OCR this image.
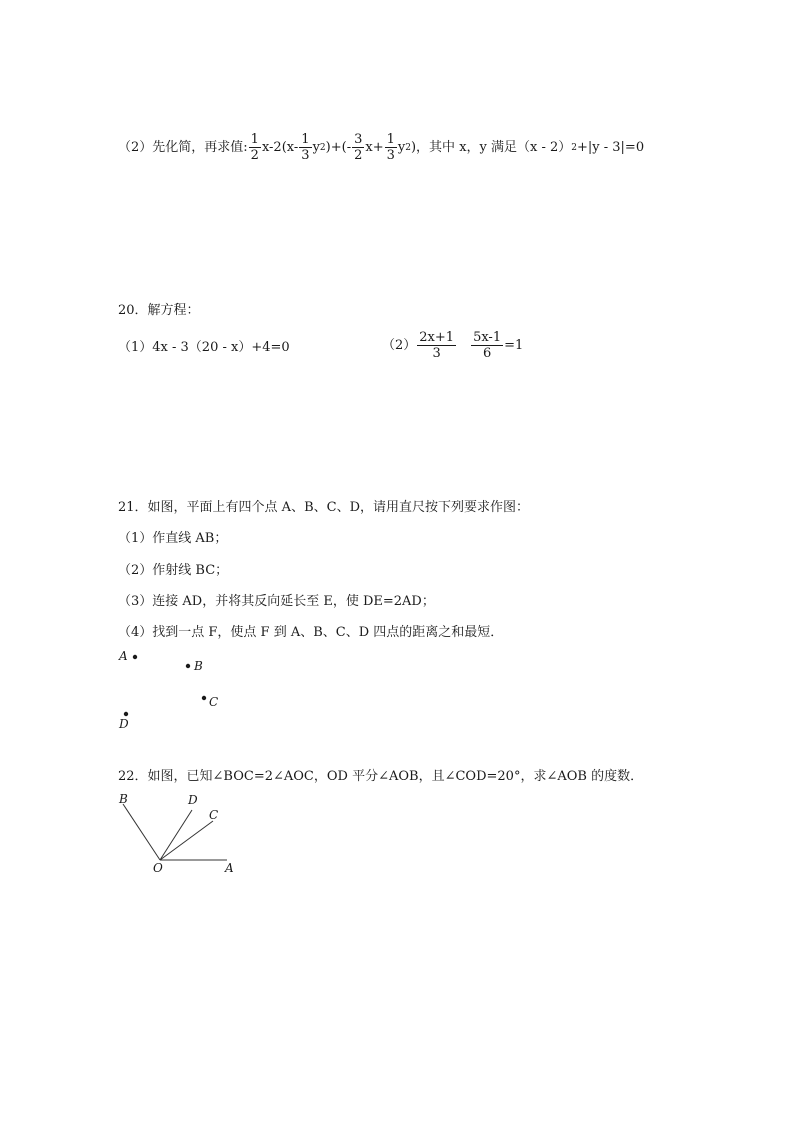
（2）先化简，再求值: $\frac{1}{2} x-2(x- \frac{1}{3}$ y 2 )+(- $\frac{3}{2} x+ \frac{1}{3}$ y 2 )，其中 x，y 满足（x - 2） 2 +|y - 3|=0
20．解方程：
（1）4x - 3（20 - x）+4=0	$(2) \frac{2x+1}{3} \frac{5x-1}{6} =1$
21．如图，平面上有四个点 A、B、C、D，请用直尺按下列要求作图：
（1）作直线 AB；
（2）作射线 BC；
（3）连接 AD，并将其反向延长至 E，使 DE=2AD；
（4）找到一点 F，使点 F 到 A、B、C、D 四点的距离之和最短．
A
B
C
D
22．如图，已知∠BOC=2∠AOC，OD 平分∠AOB，且∠COD=20°，求∠AOB 的度数．
B	D
C
O	A
